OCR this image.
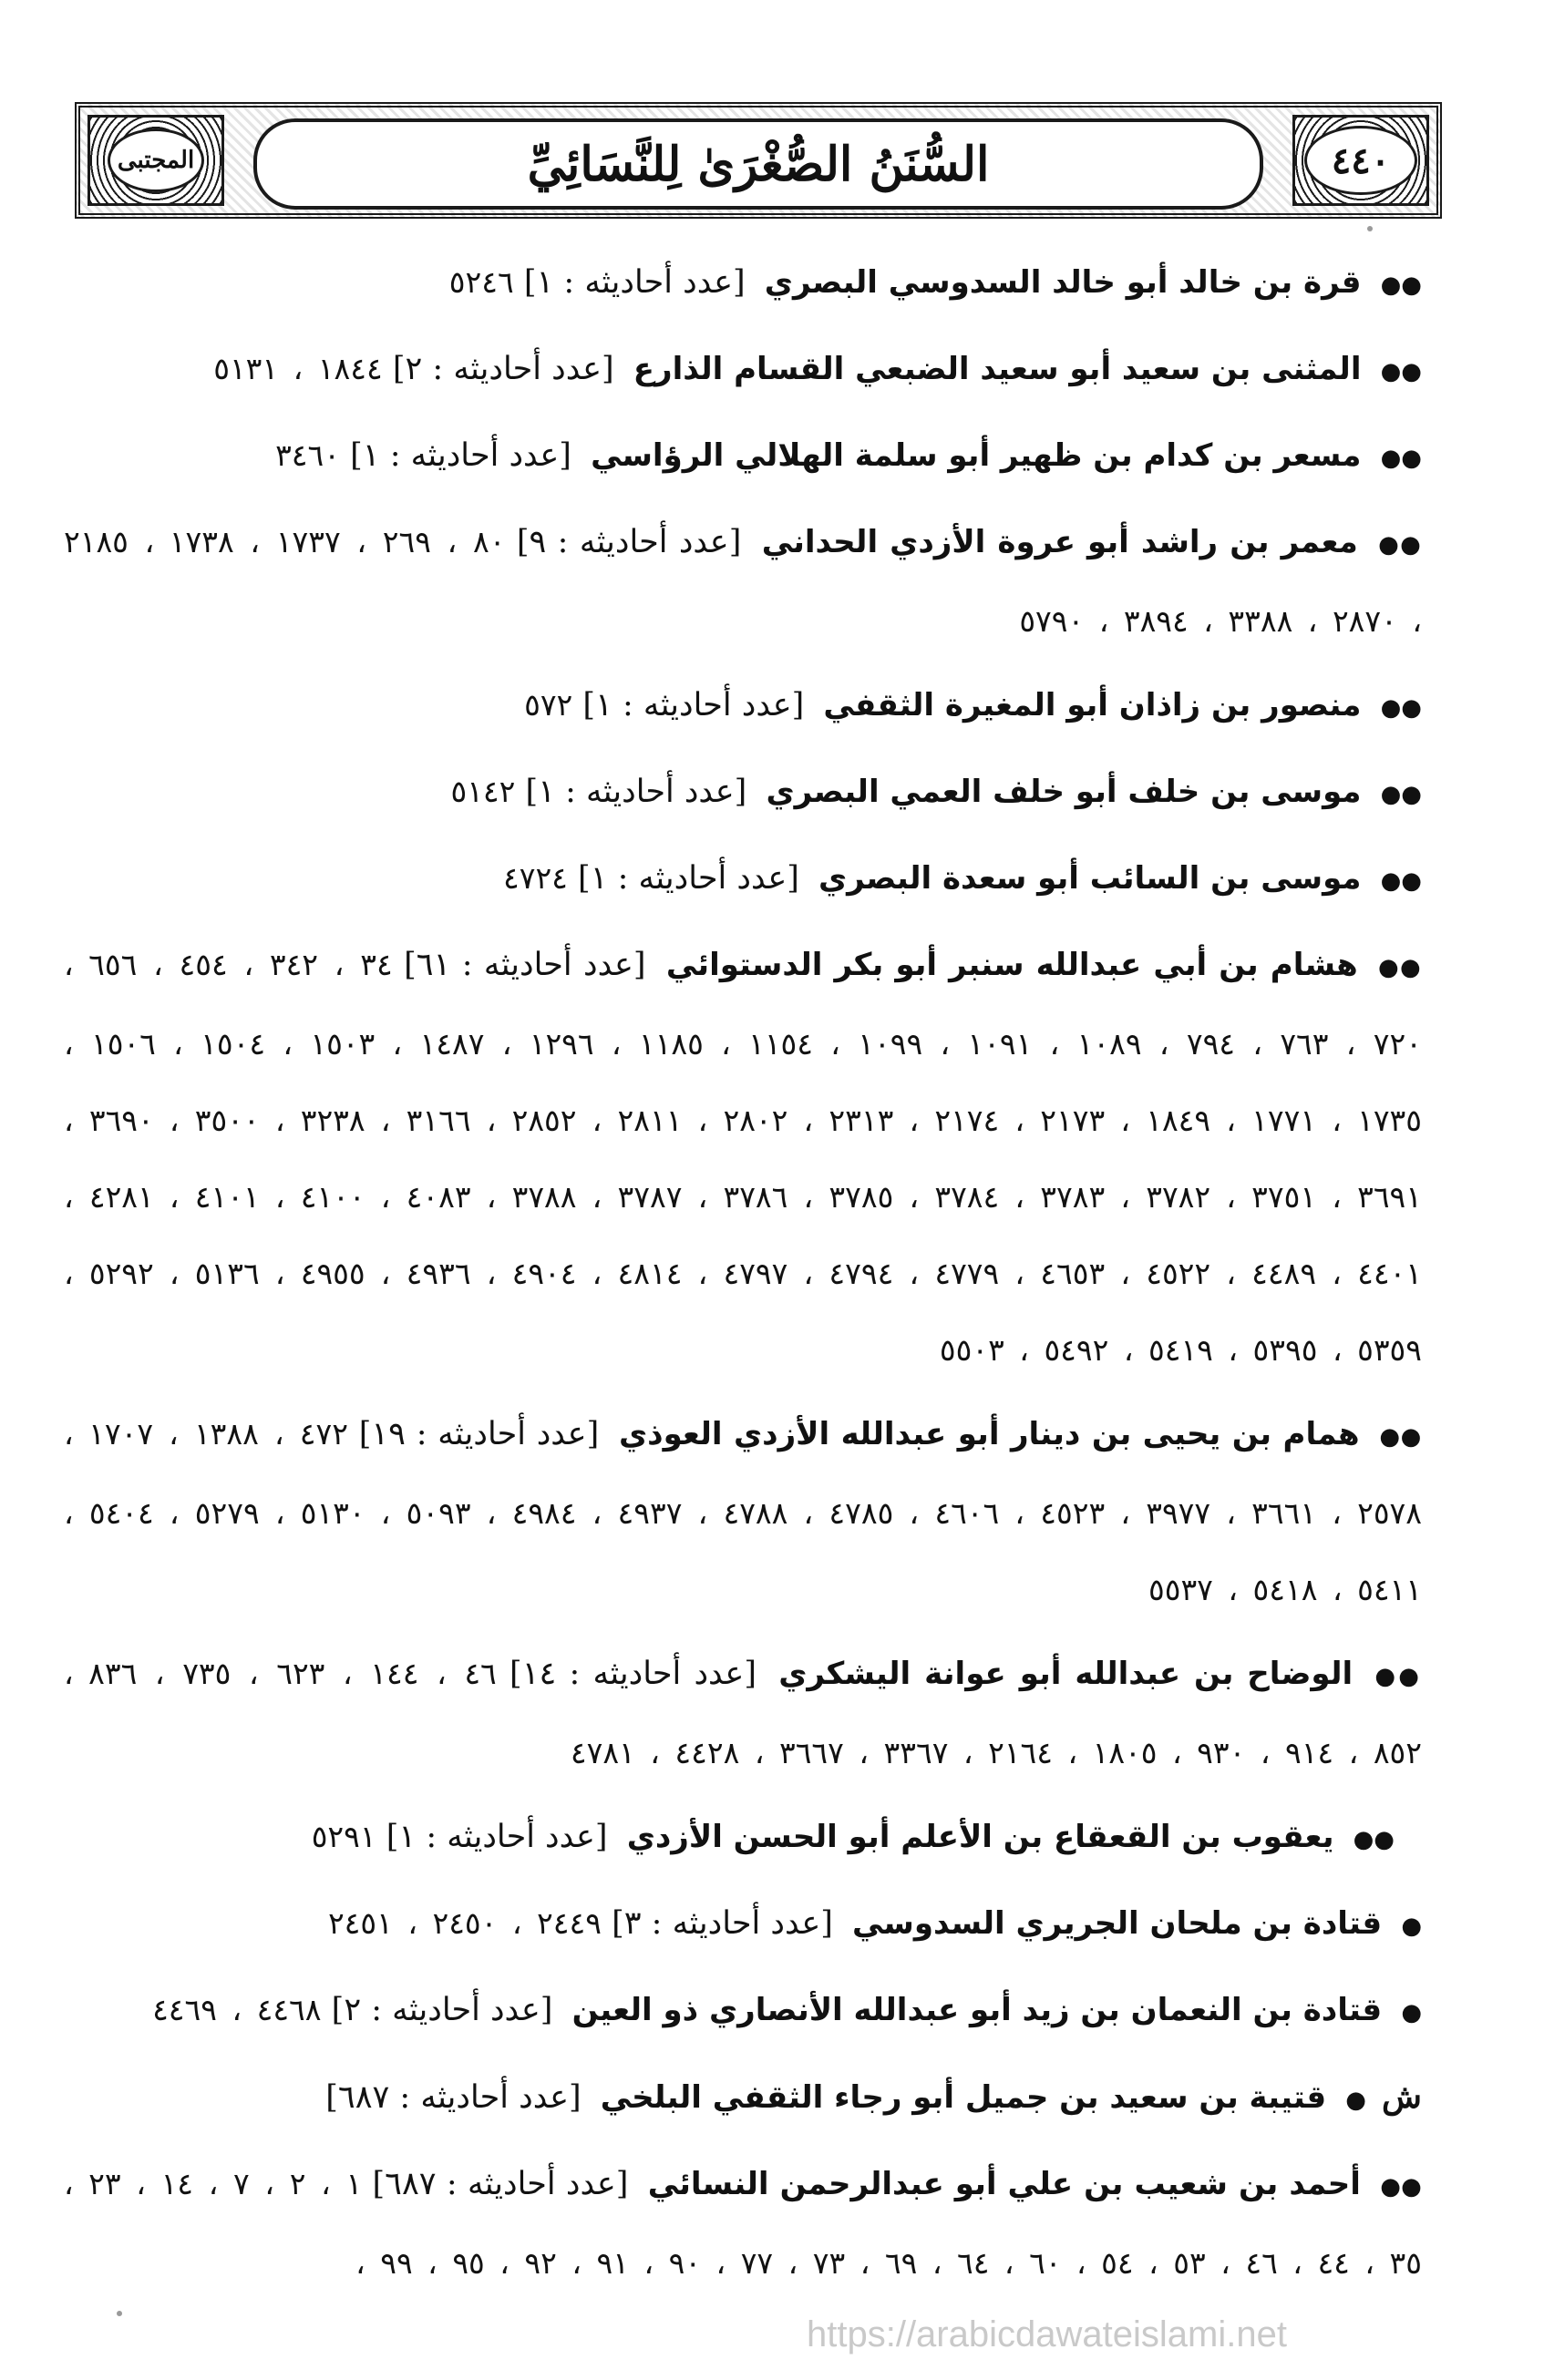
٤٤٠
السُّنَنُ الصُّغْرَىٰ لِلنَّسَائِيِّ
المجتبى

●● قرة بن خالد أبو خالد السدوسي البصري [عدد أحاديثه : ١] ٥٢٤٦

●● المثنى بن سعيد أبو سعيد الضبعي القسام الذارع [عدد أحاديثه : ٢] ١٨٤٤ ، ٥١٣١

●● مسعر بن كدام بن ظهير أبو سلمة الهلالي الرؤاسي [عدد أحاديثه : ١] ٣٤٦٠

●● معمر بن راشد أبو عروة الأزدي الحداني [عدد أحاديثه : ٩] ٨٠ ، ٢٦٩ ، ١٧٣٧ ، ١٧٣٨ ، ٢١٨٥ ، ٢٨٧٠ ، ٣٣٨٨ ، ٣٨٩٤ ، ٥٧٩٠

●● منصور بن زاذان أبو المغيرة الثقفي [عدد أحاديثه : ١] ٥٧٢

●● موسى بن خلف أبو خلف العمي البصري [عدد أحاديثه : ١] ٥١٤٢

●● موسى بن السائب أبو سعدة البصري [عدد أحاديثه : ١] ٤٧٢٤

●● هشام بن أبي عبدالله سنبر أبو بكر الدستوائي [عدد أحاديثه : ٦١] ٣٤ ، ٣٤٢ ، ٤٥٤ ، ٦٥٦ ، ٧٢٠ ، ٧٦٣ ، ٧٩٤ ، ١٠٨٩ ، ١٠٩١ ، ١٠٩٩ ، ١١٥٤ ، ١١٨٥ ، ١٢٩٦ ، ١٤٨٧ ، ١٥٠٣ ، ١٥٠٤ ، ١٥٠٦ ، ١٧٣٥ ، ١٧٧١ ، ١٨٤٩ ، ٢١٧٣ ، ٢١٧٤ ، ٢٣١٣ ، ٢٨٠٢ ، ٢٨١١ ، ٢٨٥٢ ، ٣١٦٦ ، ٣٢٣٨ ، ٣٥٠٠ ، ٣٦٩٠ ، ٣٦٩١ ، ٣٧٥١ ، ٣٧٨٢ ، ٣٧٨٣ ، ٣٧٨٤ ، ٣٧٨٥ ، ٣٧٨٦ ، ٣٧٨٧ ، ٣٧٨٨ ، ٤٠٨٣ ، ٤١٠٠ ، ٤١٠١ ، ٤٢٨١ ، ٤٤٠١ ، ٤٤٨٩ ، ٤٥٢٢ ، ٤٦٥٣ ، ٤٧٧٩ ، ٤٧٩٤ ، ٤٧٩٧ ، ٤٨١٤ ، ٤٩٠٤ ، ٤٩٣٦ ، ٤٩٥٥ ، ٥١٣٦ ، ٥٢٩٢ ، ٥٣٥٩ ، ٥٣٩٥ ، ٥٤١٩ ، ٥٤٩٢ ، ٥٥٠٣

●● همام بن يحيى بن دينار أبو عبدالله الأزدي العوذي [عدد أحاديثه : ١٩] ٤٧٢ ، ١٣٨٨ ، ١٧٠٧ ، ٢٥٧٨ ، ٣٦٦١ ، ٣٩٧٧ ، ٤٥٢٣ ، ٤٦٠٦ ، ٤٧٨٥ ، ٤٧٨٨ ، ٤٩٣٧ ، ٤٩٨٤ ، ٥٠٩٣ ، ٥١٣٠ ، ٥٢٧٩ ، ٥٤٠٤ ، ٥٤١١ ، ٥٤١٨ ، ٥٥٣٧

●● الوضاح بن عبدالله أبو عوانة اليشكري [عدد أحاديثه : ١٤] ٤٦ ، ١٤٤ ، ٦٢٣ ، ٧٣٥ ، ٨٣٦ ، ٨٥٢ ، ٩١٤ ، ٩٣٠ ، ١٨٠٥ ، ٢١٦٤ ، ٣٣٦٧ ، ٣٦٦٧ ، ٤٤٢٨ ، ٤٧٨١

●● يعقوب بن القعقاع بن الأعلم أبو الحسن الأزدي [عدد أحاديثه : ١] ٥٢٩١

● قتادة بن ملحان الجريري السدوسي [عدد أحاديثه : ٣] ٢٤٤٩ ، ٢٤٥٠ ، ٢٤٥١

● قتادة بن النعمان بن زيد أبو عبدالله الأنصاري ذو العين [عدد أحاديثه : ٢] ٤٤٦٨ ، ٤٤٦٩

ش ● قتيبة بن سعيد بن جميل أبو رجاء الثقفي البلخي [عدد أحاديثه : ٦٨٧]

●● أحمد بن شعيب بن علي أبو عبدالرحمن النسائي [عدد أحاديثه : ٦٨٧] ١ ، ٢ ، ٧ ، ١٤ ، ٢٣ ، ٣٥ ، ٤٤ ، ٤٦ ، ٥٣ ، ٥٤ ، ٦٠ ، ٦٤ ، ٦٩ ، ٧٣ ، ٧٧ ، ٩٠ ، ٩١ ، ٩٢ ، ٩٥ ، ٩٩ ،

https://arabicdawateislami.net
